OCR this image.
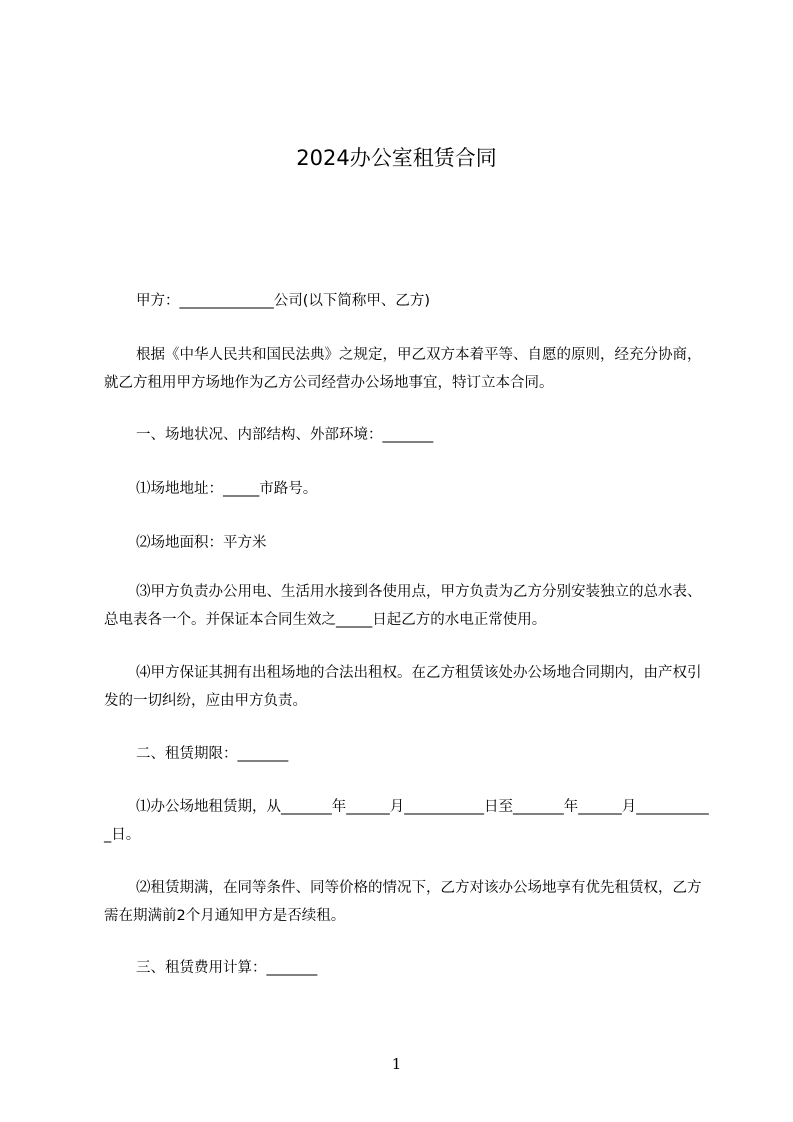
2024办公室租赁合同
甲方：_____________公司(以下简称甲、乙方)
根据《中华人民共和国民法典》之规定，甲乙双方本着平等、自愿的原则，经充分协商，就乙方租用甲方场地作为乙方公司经营办公场地事宜，特订立本合同。
一、场地状况、内部结构、外部环境：_______
⑴场地地址：_____市路号。
⑵场地面积：平方米
⑶甲方负责办公用电、生活用水接到各使用点，甲方负责为乙方分别安装独立的总水表、总电表各一个。并保证本合同生效之_____日起乙方的水电正常使用。
⑷甲方保证其拥有出租场地的合法出租权。在乙方租赁该处办公场地合同期内，由产权引发的一切纠纷，应由甲方负责。
二、租赁期限：_______
⑴办公场地租赁期，从_______年______月___________日至_______年______月___________日。
⑵租赁期满，在同等条件、同等价格的情况下，乙方对该办公场地享有优先租赁权，乙方需在期满前2个月通知甲方是否续租。
三、租赁费用计算：_______
1
